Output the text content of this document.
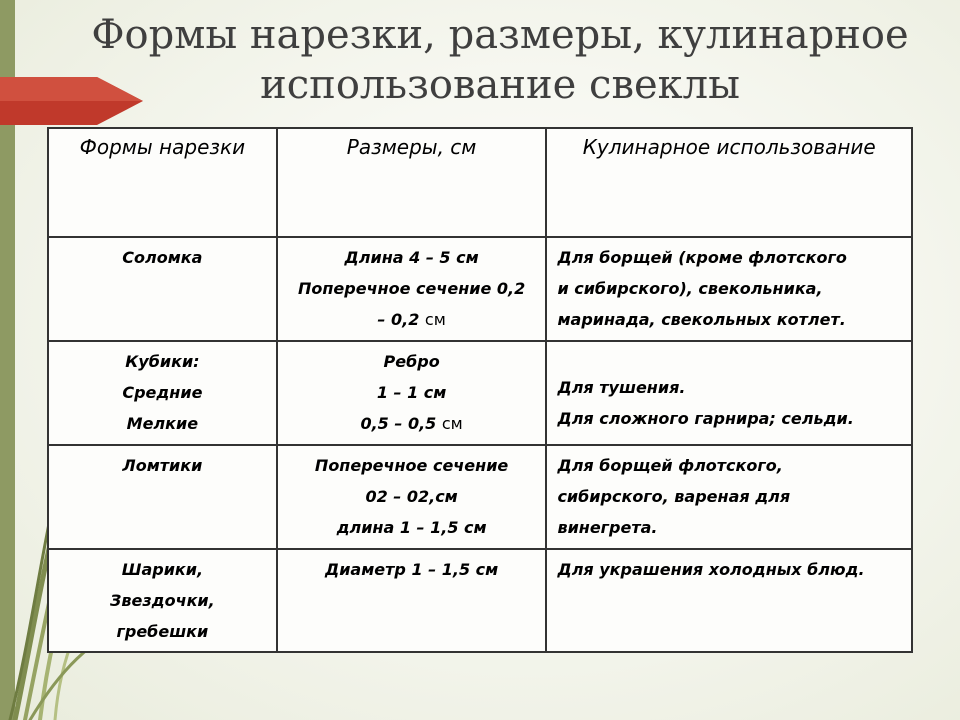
Формы нарезки, размеры, кулинарное
использование свеклы
Формы нарезки	Размеры, см	Кулинарное использование

Соломка	Длина 4 – 5 см
Поперечное сечение 0,2
– 0,2 см	Для борщей (кроме флотского
и сибирского), свекольника,
маринада, свекольных котлет.

Кубики:
Средние
Мелкие	Ребро
1 – 1 см
0,5 – 0,5 см	Для тушения.
Для сложного гарнира; сельди.

Ломтики	Поперечное сечение
02 – 02,см
длина 1 – 1,5 см	Для борщей флотского,
сибирского, вареная для
винегрета.

Шарики,
Звездочки,
гребешки	Диаметр 1 – 1,5 см	Для украшения холодных блюд.
